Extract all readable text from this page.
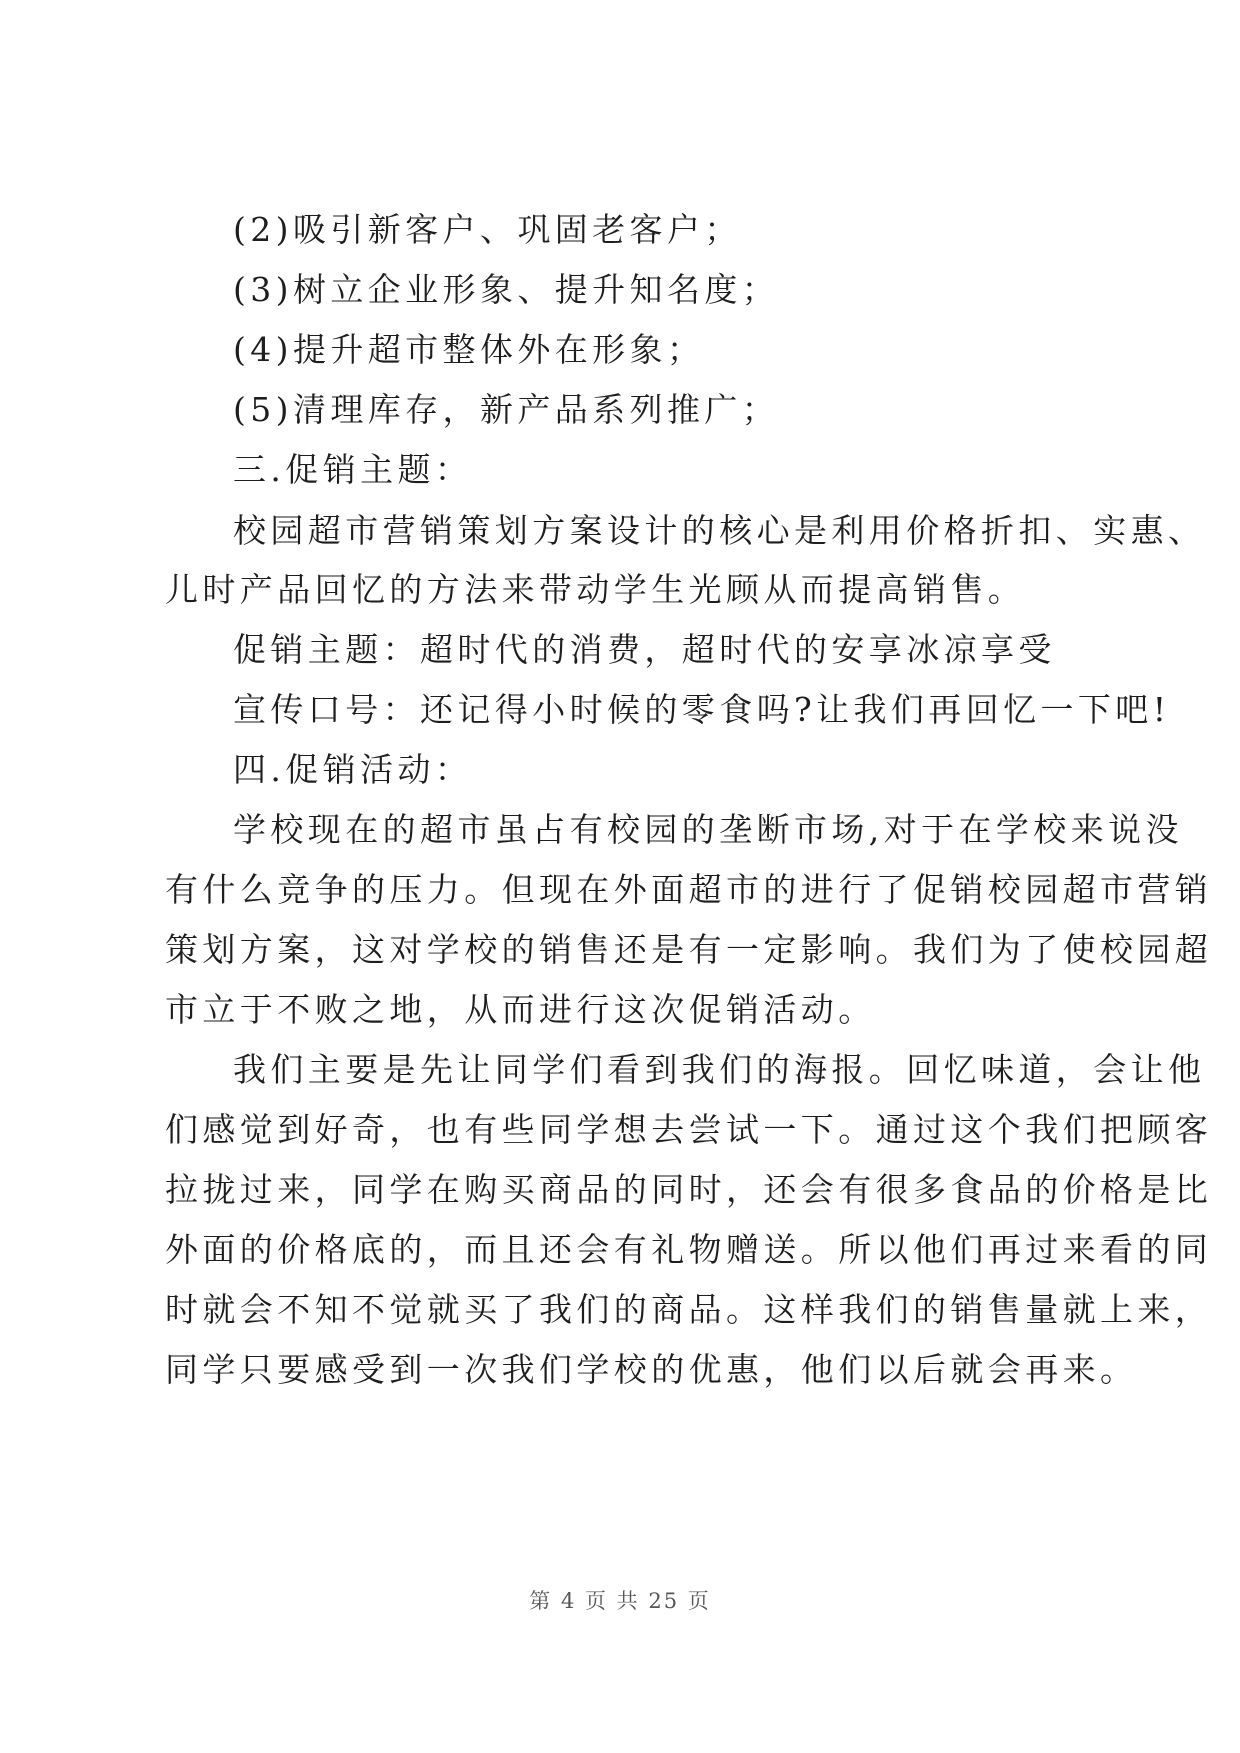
(2)吸引新客户、巩固老客户；
(3)树立企业形象、提升知名度；
(4)提升超市整体外在形象；
(5)清理库存，新产品系列推广；
三.促销主题：
校园超市营销策划方案设计的核心是利用价格折扣、实惠、
儿时产品回忆的方法来带动学生光顾从而提高销售。
促销主题：超时代的消费，超时代的安享冰凉享受
宣传口号：还记得小时候的零食吗?让我们再回忆一下吧!
四.促销活动：
学校现在的超市虽占有校园的垄断市场,对于在学校来说没
有什么竞争的压力。但现在外面超市的进行了促销校园超市营销
策划方案，这对学校的销售还是有一定影响。我们为了使校园超
市立于不败之地，从而进行这次促销活动。
我们主要是先让同学们看到我们的海报。回忆味道，会让他
们感觉到好奇，也有些同学想去尝试一下。通过这个我们把顾客
拉拢过来，同学在购买商品的同时，还会有很多食品的价格是比
外面的价格底的，而且还会有礼物赠送。所以他们再过来看的同
时就会不知不觉就买了我们的商品。这样我们的销售量就上来，
同学只要感受到一次我们学校的优惠，他们以后就会再来。
第 4 页 共 25 页
